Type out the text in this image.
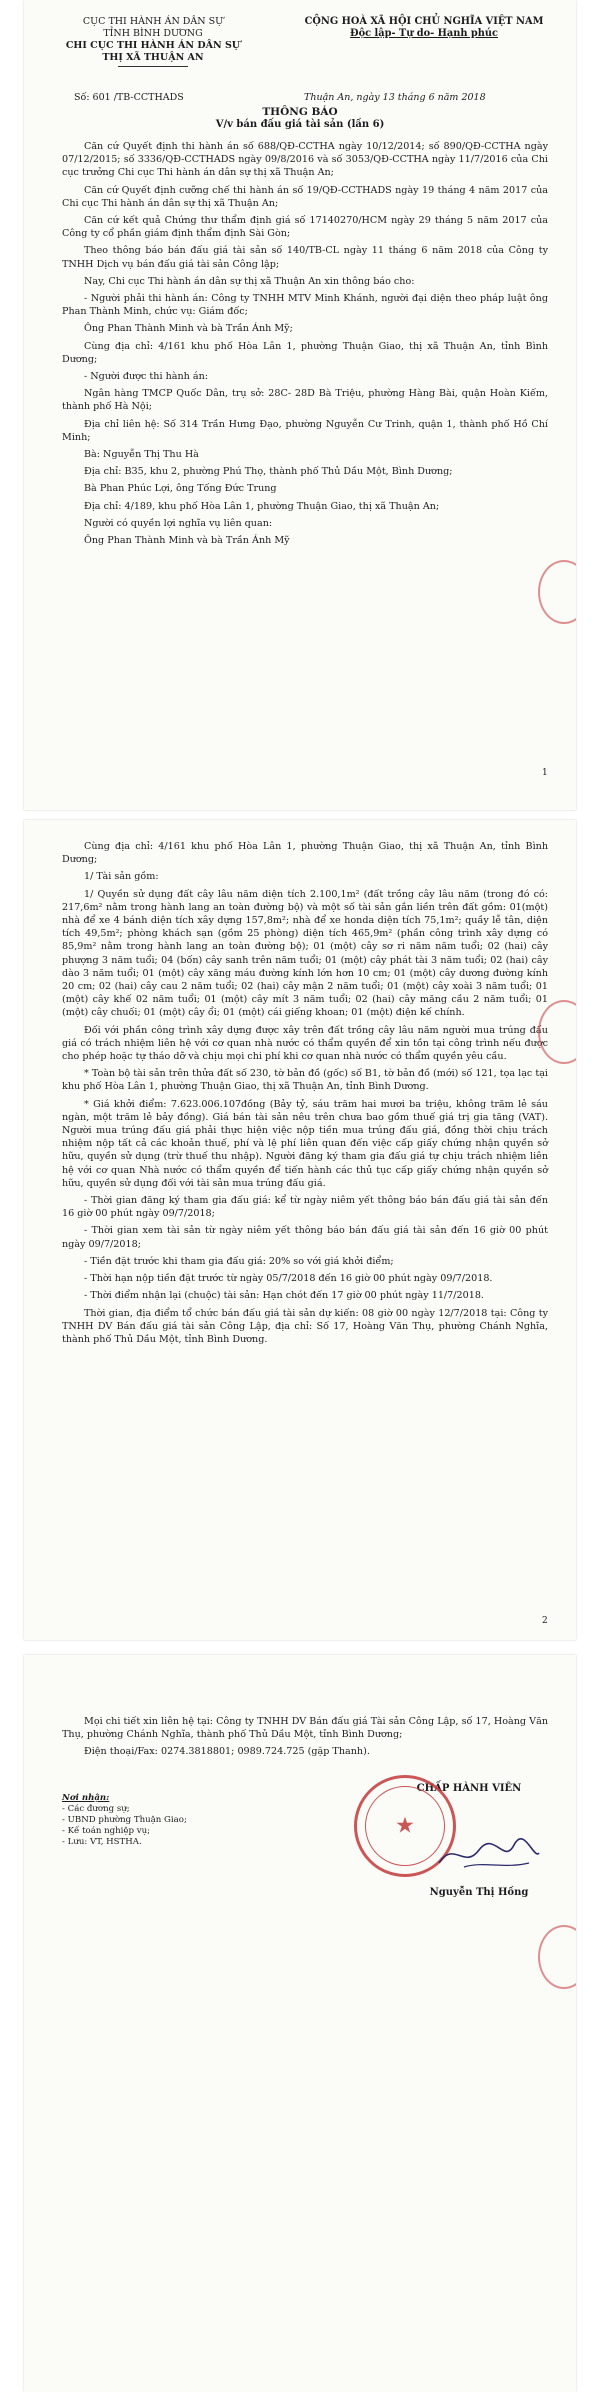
CỤC THI HÀNH ÁN DÂN SỰ
TỈNH BÌNH DƯƠNG
CHI CỤC THI HÀNH ÁN DÂN SỰ
THỊ XÃ THUẬN AN
CỘNG HOÀ XÃ HỘI CHỦ NGHĨA VIỆT NAM
Độc lập- Tự do- Hạnh phúc
Số: 601 /TB-CCTHADS	Thuận An, ngày 13 tháng 6 năm 2018
THÔNG BÁO
V/v bán đấu giá tài sản (lần 6)

Căn cứ Quyết định thi hành án số 688/QĐ-CCTHA ngày 10/12/2014; số 890/QĐ-CCTHA ngày 07/12/2015; số 3336/QĐ-CCTHADS ngày 09/8/2016 và số 3053/QĐ-CCTHA ngày 11/7/2016 của Chi cục trưởng Chi cục Thi hành án dân sự thị xã Thuận An;

Căn cứ Quyết định cưỡng chế thi hành án số 19/QĐ-CCTHADS ngày 19 tháng 4 năm 2017 của Chi cục Thi hành án dân sự thị xã Thuận An;

Căn cứ kết quả Chứng thư thẩm định giá số 17140270/HCM ngày 29 tháng 5 năm 2017 của Công ty cổ phần giám định thẩm định Sài Gòn;

Theo thông báo bán đấu giá tài sản số 140/TB-CL ngày 11 tháng 6 năm 2018 của Công ty TNHH Dịch vụ bán đấu giá tài sản Công lập;

Nay, Chi cục Thi hành án dân sự thị xã Thuận An xin thông báo cho:

- Người phải thi hành án: Công ty TNHH MTV Minh Khánh, người đại diện theo pháp luật ông Phan Thành Minh, chức vụ: Giám đốc;

Ông Phan Thành Minh và bà Trần Ánh Mỹ;

Cùng địa chỉ: 4/161 khu phố Hòa Lân 1, phường Thuận Giao, thị xã Thuận An, tỉnh Bình Dương;

- Người được thi hành án:

Ngân hàng TMCP Quốc Dân, trụ sở: 28C- 28D Bà Triệu, phường Hàng Bài, quận Hoàn Kiếm, thành phố Hà Nội;

Địa chỉ liên hệ: Số 314 Trần Hưng Đạo, phường Nguyễn Cư Trinh, quận 1, thành phố Hồ Chí Minh;

Bà: Nguyễn Thị Thu Hà

Địa chỉ: B35, khu 2, phường Phú Thọ, thành phố Thủ Dầu Một, Bình Dương;

Bà Phan Phúc Lợi, ông Tống Đức Trung

Địa chỉ: 4/189, khu phố Hòa Lân 1, phường Thuận Giao, thị xã Thuận An;

Người có quyền lợi nghĩa vụ liên quan:

Ông Phan Thành Minh và bà Trần Ánh Mỹ

1

Cùng địa chỉ: 4/161 khu phố Hòa Lân 1, phường Thuận Giao, thị xã Thuận An, tỉnh Bình Dương;

1/ Tài sản gồm:

1/ Quyền sử dụng đất cây lâu năm diện tích 2.100,1m² (đất trồng cây lâu năm (trong đó có: 217,6m² nằm trong hành lang an toàn đường bộ) và một số tài sản gắn liền trên đất gồm: 01(một) nhà để xe 4 bánh diện tích xây dựng 157,8m²; nhà để xe honda diện tích 75,1m²; quầy lễ tân, diện tích 49,5m²; phòng khách sạn (gồm 25 phòng) diện tích 465,9m² (phần công trình xây dựng có 85,9m² nằm trong hành lang an toàn đường bộ); 01 (một) cây sơ ri năm năm tuổi; 02 (hai) cây phượng 3 năm tuổi; 04 (bốn) cây sanh trên năm tuổi; 01 (một) cây phát tài 3 năm tuổi; 02 (hai) cây dào 3 năm tuổi; 01 (một) cây xăng máu đường kính lớn hơn 10 cm; 01 (một) cây dương đường kính 20 cm; 02 (hai) cây cau 2 năm tuổi; 02 (hai) cây mận 2 năm tuổi; 01 (một) cây xoài 3 năm tuổi; 01 (một) cây khế 02 năm tuổi; 01 (một) cây mít 3 năm tuổi; 02 (hai) cây măng cầu 2 năm tuổi; 01 (một) cây chuối; 01 (một) cây ổi; 01 (một) cái giếng khoan; 01 (một) điện kế chính.

Đối với phần công trình xây dựng được xây trên đất trồng cây lâu năm người mua trúng đấu giá có trách nhiệm liên hệ với cơ quan nhà nước có thẩm quyền để xin tồn tại công trình nếu được cho phép hoặc tự tháo dỡ và chịu mọi chi phí khi cơ quan nhà nước có thẩm quyền yêu cầu.

* Toàn bộ tài sản trên thửa đất số 230, tờ bản đồ (gốc) số B1, tờ bản đồ (mới) số 121, tọa lạc tại khu phố Hòa Lân 1, phường Thuận Giao, thị xã Thuận An, tỉnh Bình Dương.

* Giá khởi điểm: 7.623.006.107đồng (Bảy tỷ, sáu trăm hai mươi ba triệu, không trăm lẻ sáu ngàn, một trăm lẻ bảy đồng). Giá bán tài sản nêu trên chưa bao gồm thuế giá trị gia tăng (VAT). Người mua trúng đấu giá phải thực hiện việc nộp tiền mua trúng đấu giá, đồng thời chịu trách nhiệm nộp tất cả các khoản thuế, phí và lệ phí liên quan đến việc cấp giấy chứng nhận quyền sở hữu, quyền sử dụng (trừ thuế thu nhập). Người đăng ký tham gia đấu giá tự chịu trách nhiệm liên hệ với cơ quan Nhà nước có thẩm quyền để tiến hành các thủ tục cấp giấy chứng nhận quyền sở hữu, quyền sử dụng đối với tài sản mua trúng đấu giá.

- Thời gian đăng ký tham gia đấu giá: kể từ ngày niêm yết thông báo bán đấu giá tài sản đến 16 giờ 00 phút ngày 09/7/2018;

- Thời gian xem tài sản từ ngày niêm yết thông báo bán đấu giá tài sản đến 16 giờ 00 phút ngày 09/7/2018;

- Tiền đặt trước khi tham gia đấu giá: 20% so với giá khởi điểm;

- Thời hạn nộp tiền đặt trước từ ngày 05/7/2018 đến 16 giờ 00 phút ngày 09/7/2018.

- Thời điểm nhận lại (chuộc) tài sản: Hạn chót đến 17 giờ 00 phút ngày 11/7/2018.

Thời gian, địa điểm tổ chức bán đấu giá tài sản dự kiến: 08 giờ 00 ngày 12/7/2018 tại: Công ty TNHH DV Bán đấu giá tài sản Công Lập, địa chỉ: Số 17, Hoàng Văn Thụ, phường Chánh Nghĩa, thành phố Thủ Dầu Một, tỉnh Bình Dương.

2

Mọi chi tiết xin liên hệ tại: Công ty TNHH DV Bán đấu giá Tài sản Công Lập, số 17, Hoàng Văn Thụ, phường Chánh Nghĩa, thành phố Thủ Dầu Một, tỉnh Bình Dương;

Điện thoại/Fax: 0274.3818801; 0989.724.725 (gặp Thanh).

Nơi nhận:
- Các đương sự;
- UBND phường Thuận Giao;
- Kế toán nghiệp vụ;
- Lưu: VT, HSTHA.
CHẤP HÀNH VIÊN
★
Nguyễn Thị Hồng
